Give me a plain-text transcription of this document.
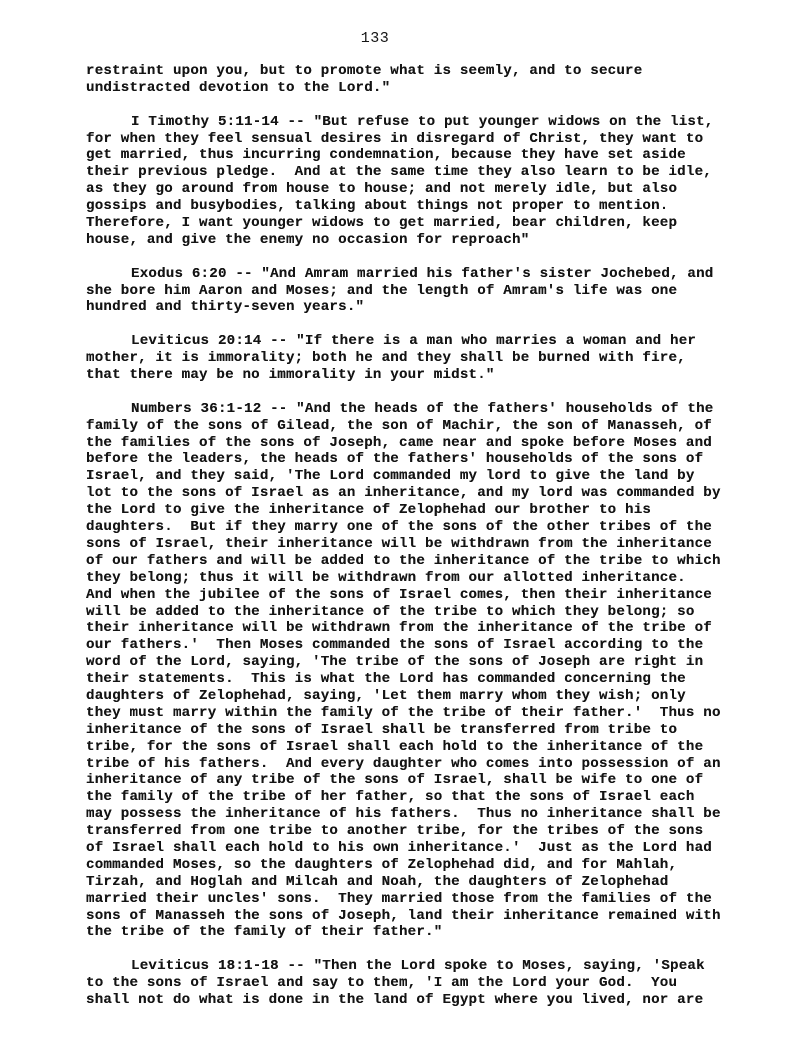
133
restraint upon you, but to promote what is seemly, and to secure
undistracted devotion to the Lord."
I Timothy 5:11-14 -- "But refuse to put younger widows on the list,
for when they feel sensual desires in disregard of Christ, they want to
get married, thus incurring condemnation, because they have set aside
their previous pledge.  And at the same time they also learn to be idle,
as they go around from house to house; and not merely idle, but also
gossips and busybodies, talking about things not proper to mention.
Therefore, I want younger widows to get married, bear children, keep
house, and give the enemy no occasion for reproach"
Exodus 6:20 -- "And Amram married his father's sister Jochebed, and
she bore him Aaron and Moses; and the length of Amram's life was one
hundred and thirty-seven years."
Leviticus 20:14 -- "If there is a man who marries a woman and her
mother, it is immorality; both he and they shall be burned with fire,
that there may be no immorality in your midst."
Numbers 36:1-12 -- "And the heads of the fathers' households of the
family of the sons of Gilead, the son of Machir, the son of Manasseh, of
the families of the sons of Joseph, came near and spoke before Moses and
before the leaders, the heads of the fathers' households of the sons of
Israel, and they said, 'The Lord commanded my lord to give the land by
lot to the sons of Israel as an inheritance, and my lord was commanded by
the Lord to give the inheritance of Zelophehad our brother to his
daughters.  But if they marry one of the sons of the other tribes of the
sons of Israel, their inheritance will be withdrawn from the inheritance
of our fathers and will be added to the inheritance of the tribe to which
they belong; thus it will be withdrawn from our allotted inheritance.
And when the jubilee of the sons of Israel comes, then their inheritance
will be added to the inheritance of the tribe to which they belong; so
their inheritance will be withdrawn from the inheritance of the tribe of
our fathers.'  Then Moses commanded the sons of Israel according to the
word of the Lord, saying, 'The tribe of the sons of Joseph are right in
their statements.  This is what the Lord has commanded concerning the
daughters of Zelophehad, saying, 'Let them marry whom they wish; only
they must marry within the family of the tribe of their father.'  Thus no
inheritance of the sons of Israel shall be transferred from tribe to
tribe, for the sons of Israel shall each hold to the inheritance of the
tribe of his fathers.  And every daughter who comes into possession of an
inheritance of any tribe of the sons of Israel, shall be wife to one of
the family of the tribe of her father, so that the sons of Israel each
may possess the inheritance of his fathers.  Thus no inheritance shall be
transferred from one tribe to another tribe, for the tribes of the sons
of Israel shall each hold to his own inheritance.'  Just as the Lord had
commanded Moses, so the daughters of Zelophehad did, and for Mahlah,
Tirzah, and Hoglah and Milcah and Noah, the daughters of Zelophehad
married their uncles' sons.  They married those from the families of the
sons of Manasseh the sons of Joseph, land their inheritance remained with
the tribe of the family of their father."
Leviticus 18:1-18 -- "Then the Lord spoke to Moses, saying, 'Speak
to the sons of Israel and say to them, 'I am the Lord your God.  You
shall not do what is done in the land of Egypt where you lived, nor are
